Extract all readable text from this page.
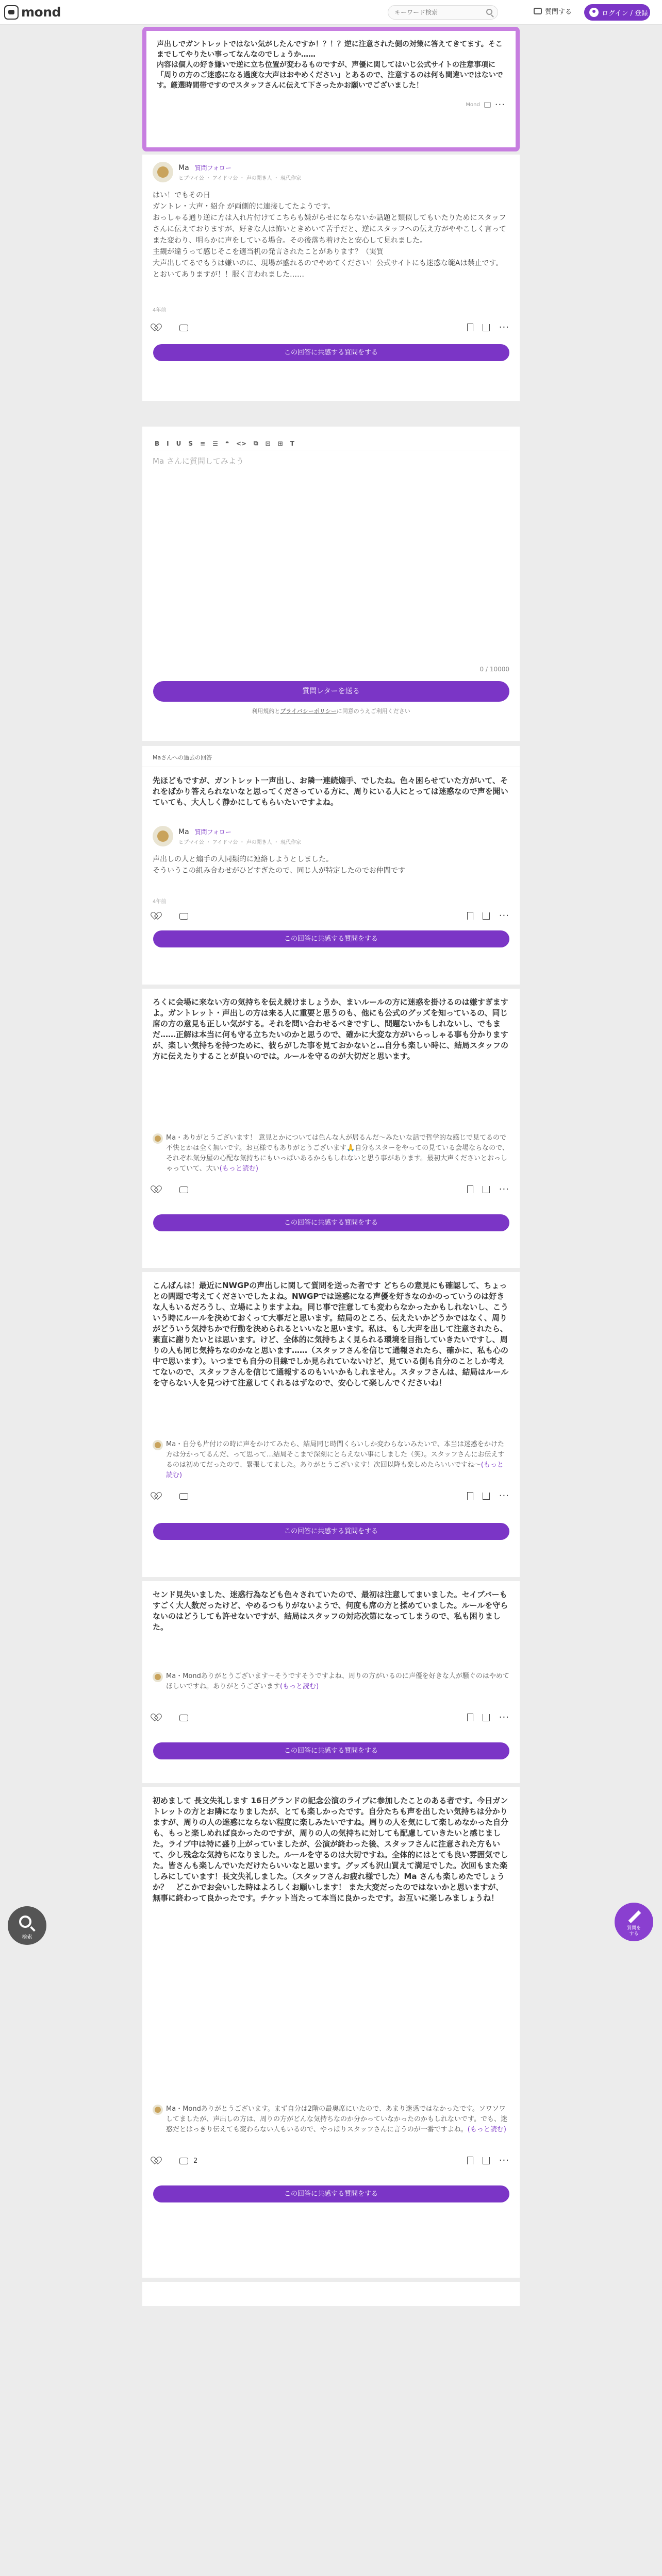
mond
キーワード検索	質問する	ログイン / 登録
声出しでガントレットではない気がしたんですか！？！？逆に注意された側の対策に答えてきてます。そこまでしてやりたい事ってなんなのでしょうか……
内容は個人の好き嫌いで逆に立ち位置が変わるものですが、声優に関してはいじ公式サイトの注意事項に「周りの方のご迷惑になる過度な大声はおやめください」とあるので、注意するのは何も間違いではないです。厳選時間帯ですのでスタッフさんに伝えて下さったかお願いでございました！
Mond ···
Ma 質問フォロー
ヒプマイ公 ・ アイドマ公 ・ 声の聞き人 ・ 現代作家
はい！でもその日
ガントレ・大声・紹介 が両側的に連接してたようです。
おっしゃる通り逆に方は入れ片付けてこちらも嫌がらせにならないか話題と類似してもいたりためにスタッフさんに伝えておりますが、好きな人は怖いときめいて苦手だと、逆にスタッフへの伝え方がややこしく言ってまた変わり、明らかに声をしている場合。その後落ち着けたと安心して見れました。
主観が違うって感じそこを適当机の発言されたことがあります？（実質
大声出してるでもうは嫌いのに、現場が盛れるのでやめてください！公式サイトにも迷惑な範Aは禁止です。とおいてありますが！！服く言われました……

4年前
···
この回答に共感する質問をする
B I U S ≡ ☰ ❝ <> ⧉ ⊡ ⊞ T
Ma さんに質問してみよう
0 / 10000
質問レターを送る
利用規約とプライバシーポリシーに同意のうえご利用ください
Maさんへの過去の回答
先ほどもですが、ガントレット一声出し、お隣一連続煽手、でしたね。色々困らせていた方がいて、それをばかり答えられないなと思ってくださっている方に、周りにいる人にとっては迷惑なので声を聞いていても、大人しく静かにしてもらいたいですよね。
Ma 質問フォロー
ヒプマイ公 ・ アイドマ公 ・ 声の聞き人 ・ 現代作家
声出しの人と煽手の人同類的に連絡しようとしました。
そういうこの組み合わせがひどすぎたので、同じ人が特定したのでお仲間です
4年前
···
この回答に共感する質問をする
ろくに会場に来ない方の気持ちを伝え続けましょうか、まいルールの方に迷惑を掛けるのは嫌すぎますよ。ガントレット・声出しの方は来る人に重要と思うのも、他にも公式のグッズを知っているの、同じ席の方の意見も正しい気がする。それを問い合わせるべきですし、問題ないかもしれないし、でもまだ……正解は本当に何も守る立ちたいのかと思うので、確かに大変な方がいらっしゃる事も分かりますが、楽しい気持ちを持つために、彼らがした事を見ておかないと…自分も楽しい時に、結局スタッフの方に伝えたりすることが良いのでは。ルールを守るのが大切だと思います。
Ma・ありがとうございます！ 意見とかについては色んな人が居るんだ〜みたいな話で哲学的な感じで見てるので不快とかは全く無いです。お互様でもありがとうございます🙏自分もスターをやっての見ている会場ならなので、それぞれ気分屋の心配な気持ちにもいっぱいあるからもしれないと思う事があります。最初大声くださいとおっしゃっていて、大い(もっと読む)
···
この回答に共感する質問をする
こんばんは！最近にNWGPの声出しに関して質問を送った者です どちらの意見にも確認して、ちょっとの問題で考えてくださいでしたよね。NWGPでは迷惑になる声優を好きなのかのっていうのは好きな人もいるだろうし、立場によりますよね。同じ事で注意しても変わらなかったかもしれないし、こういう時にルールを決めておくって大事だと思います。結局のところ、伝えたいかどうかではなく、周りがどういう気持ちかで行動を決められるといいなと思います。私は、もし大声を出して注意されたら、素直に謝りたいとは思います。けど、全体的に気持ちよく見られる環境を目指していきたいですし、周りの人も同じ気持ちなのかなと思います……（スタッフさんを信じて通報されたら、確かに、私も心の中で思います）。いつまでも自分の目線でしか見られていないけど、見ている側も自分のことしか考えてないので、スタッフさんを信じて通報するのもいいかもしれません。スタッフさんは、結局はルールを守らない人を見つけて注意してくれるはずなので、安心して楽しんでくださいね！
Ma・自分も片付けの時に声をかけてみたら、結局同じ時間くらいしか変わらないみたいで、本当は迷惑をかけた方は分かってるんだ、って思って…結局そこまで深刻にとらえない事にしました（笑）。スタッフさんにお伝えするのは初めてだったので、緊張してました。ありがとうございます！次回以降も楽しめたらいいですね〜(もっと読む)
···
この回答に共感する質問をする
センド見失いました、迷惑行為なども色々されていたので、最初は注意してまいました。セイブバーもすごく大人数だったけど、やめるつもりがないようで、何度も席の方と揉めていました。ルールを守らないのはどうしても許せないですが、結局はスタッフの対応次第になってしまうので、私も困りました。
Ma・Mondありがとうございます〜そうですそうですよね、周りの方がいるのに声優を好きな人が騒ぐのはやめてほしいですね。ありがとうございます(もっと読む)
···
この回答に共感する質問をする
初めまして 長文失礼します 16日グランドの記念公演のライブに参加したことのある者です。今日ガントレットの方とお隣になりましたが、とても楽しかったです。自分たちも声を出したい気持ちは分かりますが、周りの人の迷惑にならない程度に楽しみたいですね。周りの人を気にして楽しめなかった自分も、もっと楽しめれば良かったのですが、周りの人の気持ちに対しても配慮していきたいと感じました。ライブ中は特に盛り上がっていましたが、公演が終わった後、スタッフさんに注意された方もいて、少し残念な気持ちになりました。ルールを守るのは大切ですね。全体的にはとても良い雰囲気でした。皆さんも楽しんでいただけたらいいなと思います。グッズも沢山買えて満足でした。次回もまた楽しみにしています！長文失礼しました。（スタッフさんお疲れ様でした）Ma さんも楽しめたでしょうか？　どこかでお会いした時はよろしくお願いします！ また大変だったのではないかと思いますが、無事に終わって良かったです。チケット当たって本当に良かったです。お互いに楽しみましょうね！
Ma・Mondありがとうございます。まず自分は2階の最奥席にいたので、あまり迷惑ではなかったです。ソワソワしてましたが、声出しの方は、周りの方がどんな気持ちなのか分かっていなかったのかもしれないです。でも、迷惑だとはっきり伝えても変わらない人もいるので、やっぱりスタッフさんに言うのが一番ですよね。(もっと読む)
2	···
この回答に共感する質問をする
検索
質問を
する
